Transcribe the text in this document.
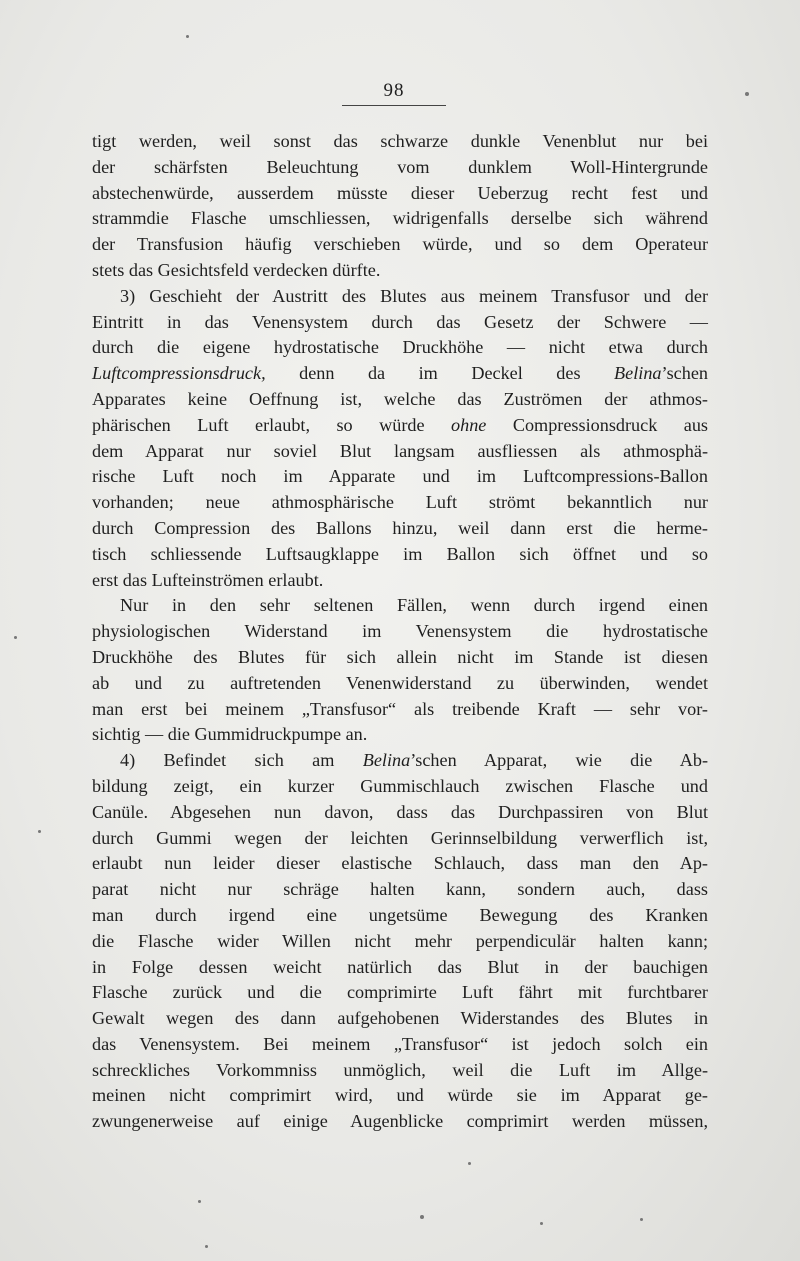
98
tigt werden, weil sonst das schwarze dunkle Venenblut nur bei
der schärfsten Beleuchtung vom dunklem Woll-Hintergrunde
abstechenwürde, ausserdem müsste dieser Ueberzug recht fest und
strammdie Flasche umschliessen, widrigenfalls derselbe sich während
der Transfusion häufig verschieben würde, und so dem Operateur
stets das Gesichtsfeld verdecken dürfte.
3) Geschieht der Austritt des Blutes aus meinem Transfusor und der
Eintritt in das Venensystem durch das Gesetz der Schwere —
durch die eigene hydrostatische Druckhöhe — nicht etwa durch
Luftcompressionsdruck, denn da im Deckel des Belina’schen
Apparates keine Oeffnung ist, welche das Zuströmen der athmos-
phärischen Luft erlaubt, so würde ohne Compressionsdruck aus
dem Apparat nur soviel Blut langsam ausfliessen als athmosphä-
rische Luft noch im Apparate und im Luftcompressions-Ballon
vorhanden; neue athmosphärische Luft strömt bekanntlich nur
durch Compression des Ballons hinzu, weil dann erst die herme-
tisch schliessende Luftsaugklappe im Ballon sich öffnet und so
erst das Lufteinströmen erlaubt.
Nur in den sehr seltenen Fällen, wenn durch irgend einen
physiologischen Widerstand im Venensystem die hydrostatische
Druckhöhe des Blutes für sich allein nicht im Stande ist diesen
ab und zu auftretenden Venenwiderstand zu überwinden, wendet
man erst bei meinem „Transfusor“ als treibende Kraft — sehr vor-
sichtig — die Gummidruckpumpe an.
4) Befindet sich am Belina’schen Apparat, wie die Ab-
bildung zeigt, ein kurzer Gummischlauch zwischen Flasche und
Canüle. Abgesehen nun davon, dass das Durchpassiren von Blut
durch Gummi wegen der leichten Gerinnselbildung verwerflich ist,
erlaubt nun leider dieser elastische Schlauch, dass man den Ap-
parat nicht nur schräge halten kann, sondern auch, dass
man durch irgend eine ungetsüme Bewegung des Kranken
die Flasche wider Willen nicht mehr perpendiculär halten kann;
in Folge dessen weicht natürlich das Blut in der bauchigen
Flasche zurück und die comprimirte Luft fährt mit furchtbarer
Gewalt wegen des dann aufgehobenen Widerstandes des Blutes in
das Venensystem. Bei meinem „Transfusor“ ist jedoch solch ein
schreckliches Vorkommniss unmöglich, weil die Luft im Allge-
meinen nicht comprimirt wird, und würde sie im Apparat ge-
zwungenerweise auf einige Augenblicke comprimirt werden müssen,
